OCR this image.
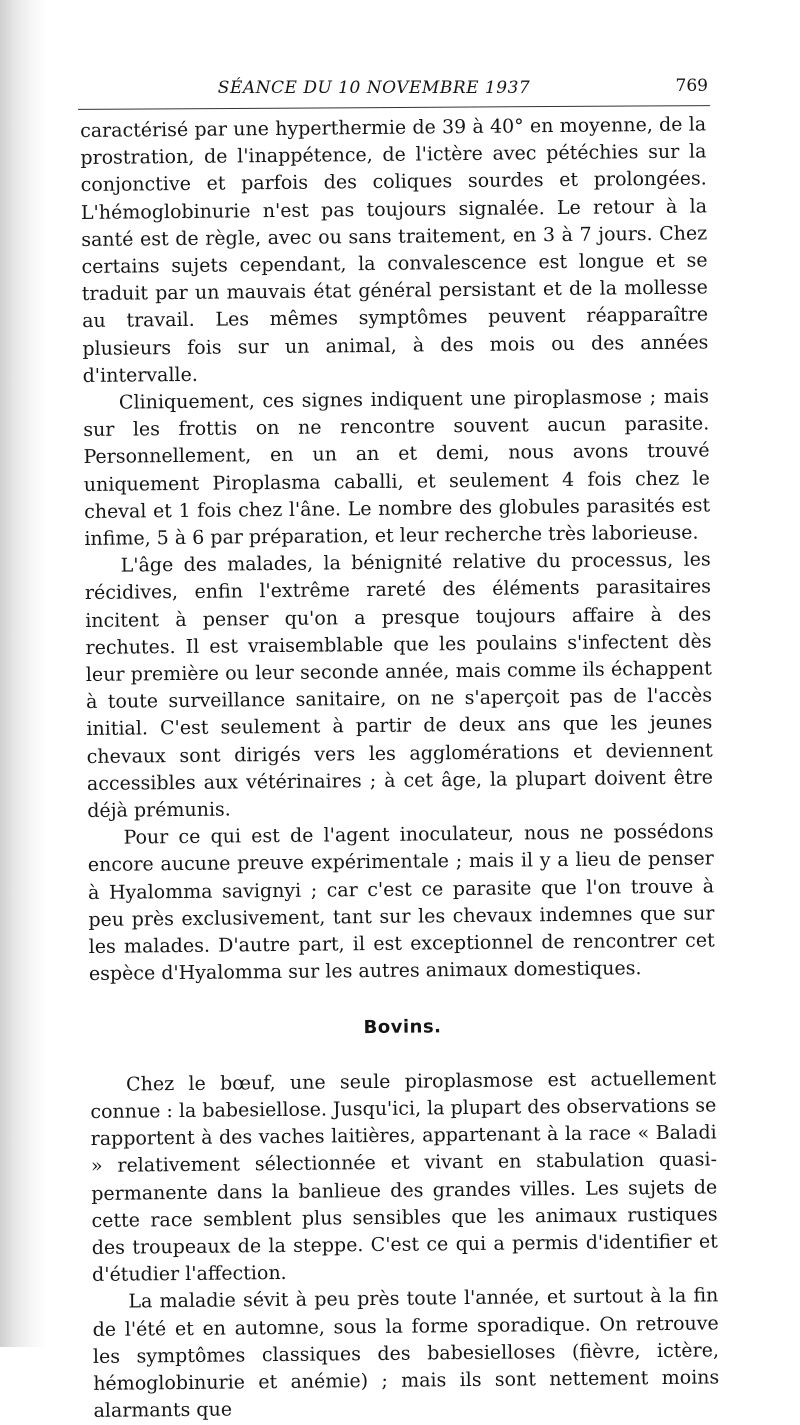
SÉANCE DU 10 NOVEMBRE 1937	769

caractérisé par une hyperthermie de 39 à 40° en moyenne, de la prostration, de l'inappétence, de l'ictère avec pétéchies sur la conjonctive et parfois des coliques sourdes et prolongées. L'hémoglobinurie n'est pas toujours signalée. Le retour à la santé est de règle, avec ou sans traitement, en 3 à 7 jours. Chez certains sujets cependant, la convalescence est longue et se traduit par un mauvais état général persistant et de la mollesse au travail. Les mêmes symptômes peuvent réapparaître plusieurs fois sur un animal, à des mois ou des années d'intervalle.

Cliniquement, ces signes indiquent une piroplasmose ; mais sur les frottis on ne rencontre souvent aucun parasite. Personnellement, en un an et demi, nous avons trouvé uniquement Piroplasma caballi, et seulement 4 fois chez le cheval et 1 fois chez l'âne. Le nombre des globules parasités est infime, 5 à 6 par préparation, et leur recherche très laborieuse.

L'âge des malades, la bénignité relative du processus, les récidives, enfin l'extrême rareté des éléments parasitaires incitent à penser qu'on a presque toujours affaire à des rechutes. Il est vraisemblable que les poulains s'infectent dès leur première ou leur seconde année, mais comme ils échappent à toute surveillance sanitaire, on ne s'aperçoit pas de l'accès initial. C'est seulement à partir de deux ans que les jeunes chevaux sont dirigés vers les agglomérations et deviennent accessibles aux vétérinaires ; à cet âge, la plupart doivent être déjà prémunis.

Pour ce qui est de l'agent inoculateur, nous ne possédons encore aucune preuve expérimentale ; mais il y a lieu de penser à Hyalomma savignyi ; car c'est ce parasite que l'on trouve à peu près exclusivement, tant sur les chevaux indemnes que sur les malades. D'autre part, il est exceptionnel de rencontrer cet espèce d'Hyalomma sur les autres animaux domestiques.

Bovins.

Chez le bœuf, une seule piroplasmose est actuellement connue : la babesiellose. Jusqu'ici, la plupart des observations se rapportent à des vaches laitières, appartenant à la race « Baladi » relativement sélectionnée et vivant en stabulation quasi-permanente dans la banlieue des grandes villes. Les sujets de cette race semblent plus sensibles que les animaux rustiques des troupeaux de la steppe. C'est ce qui a permis d'identifier et d'étudier l'affection.

La maladie sévit à peu près toute l'année, et surtout à la fin de l'été et en automne, sous la forme sporadique. On retrouve les symptômes classiques des babesielloses (fièvre, ictère, hémoglobinurie et anémie) ; mais ils sont nettement moins alarmants que
